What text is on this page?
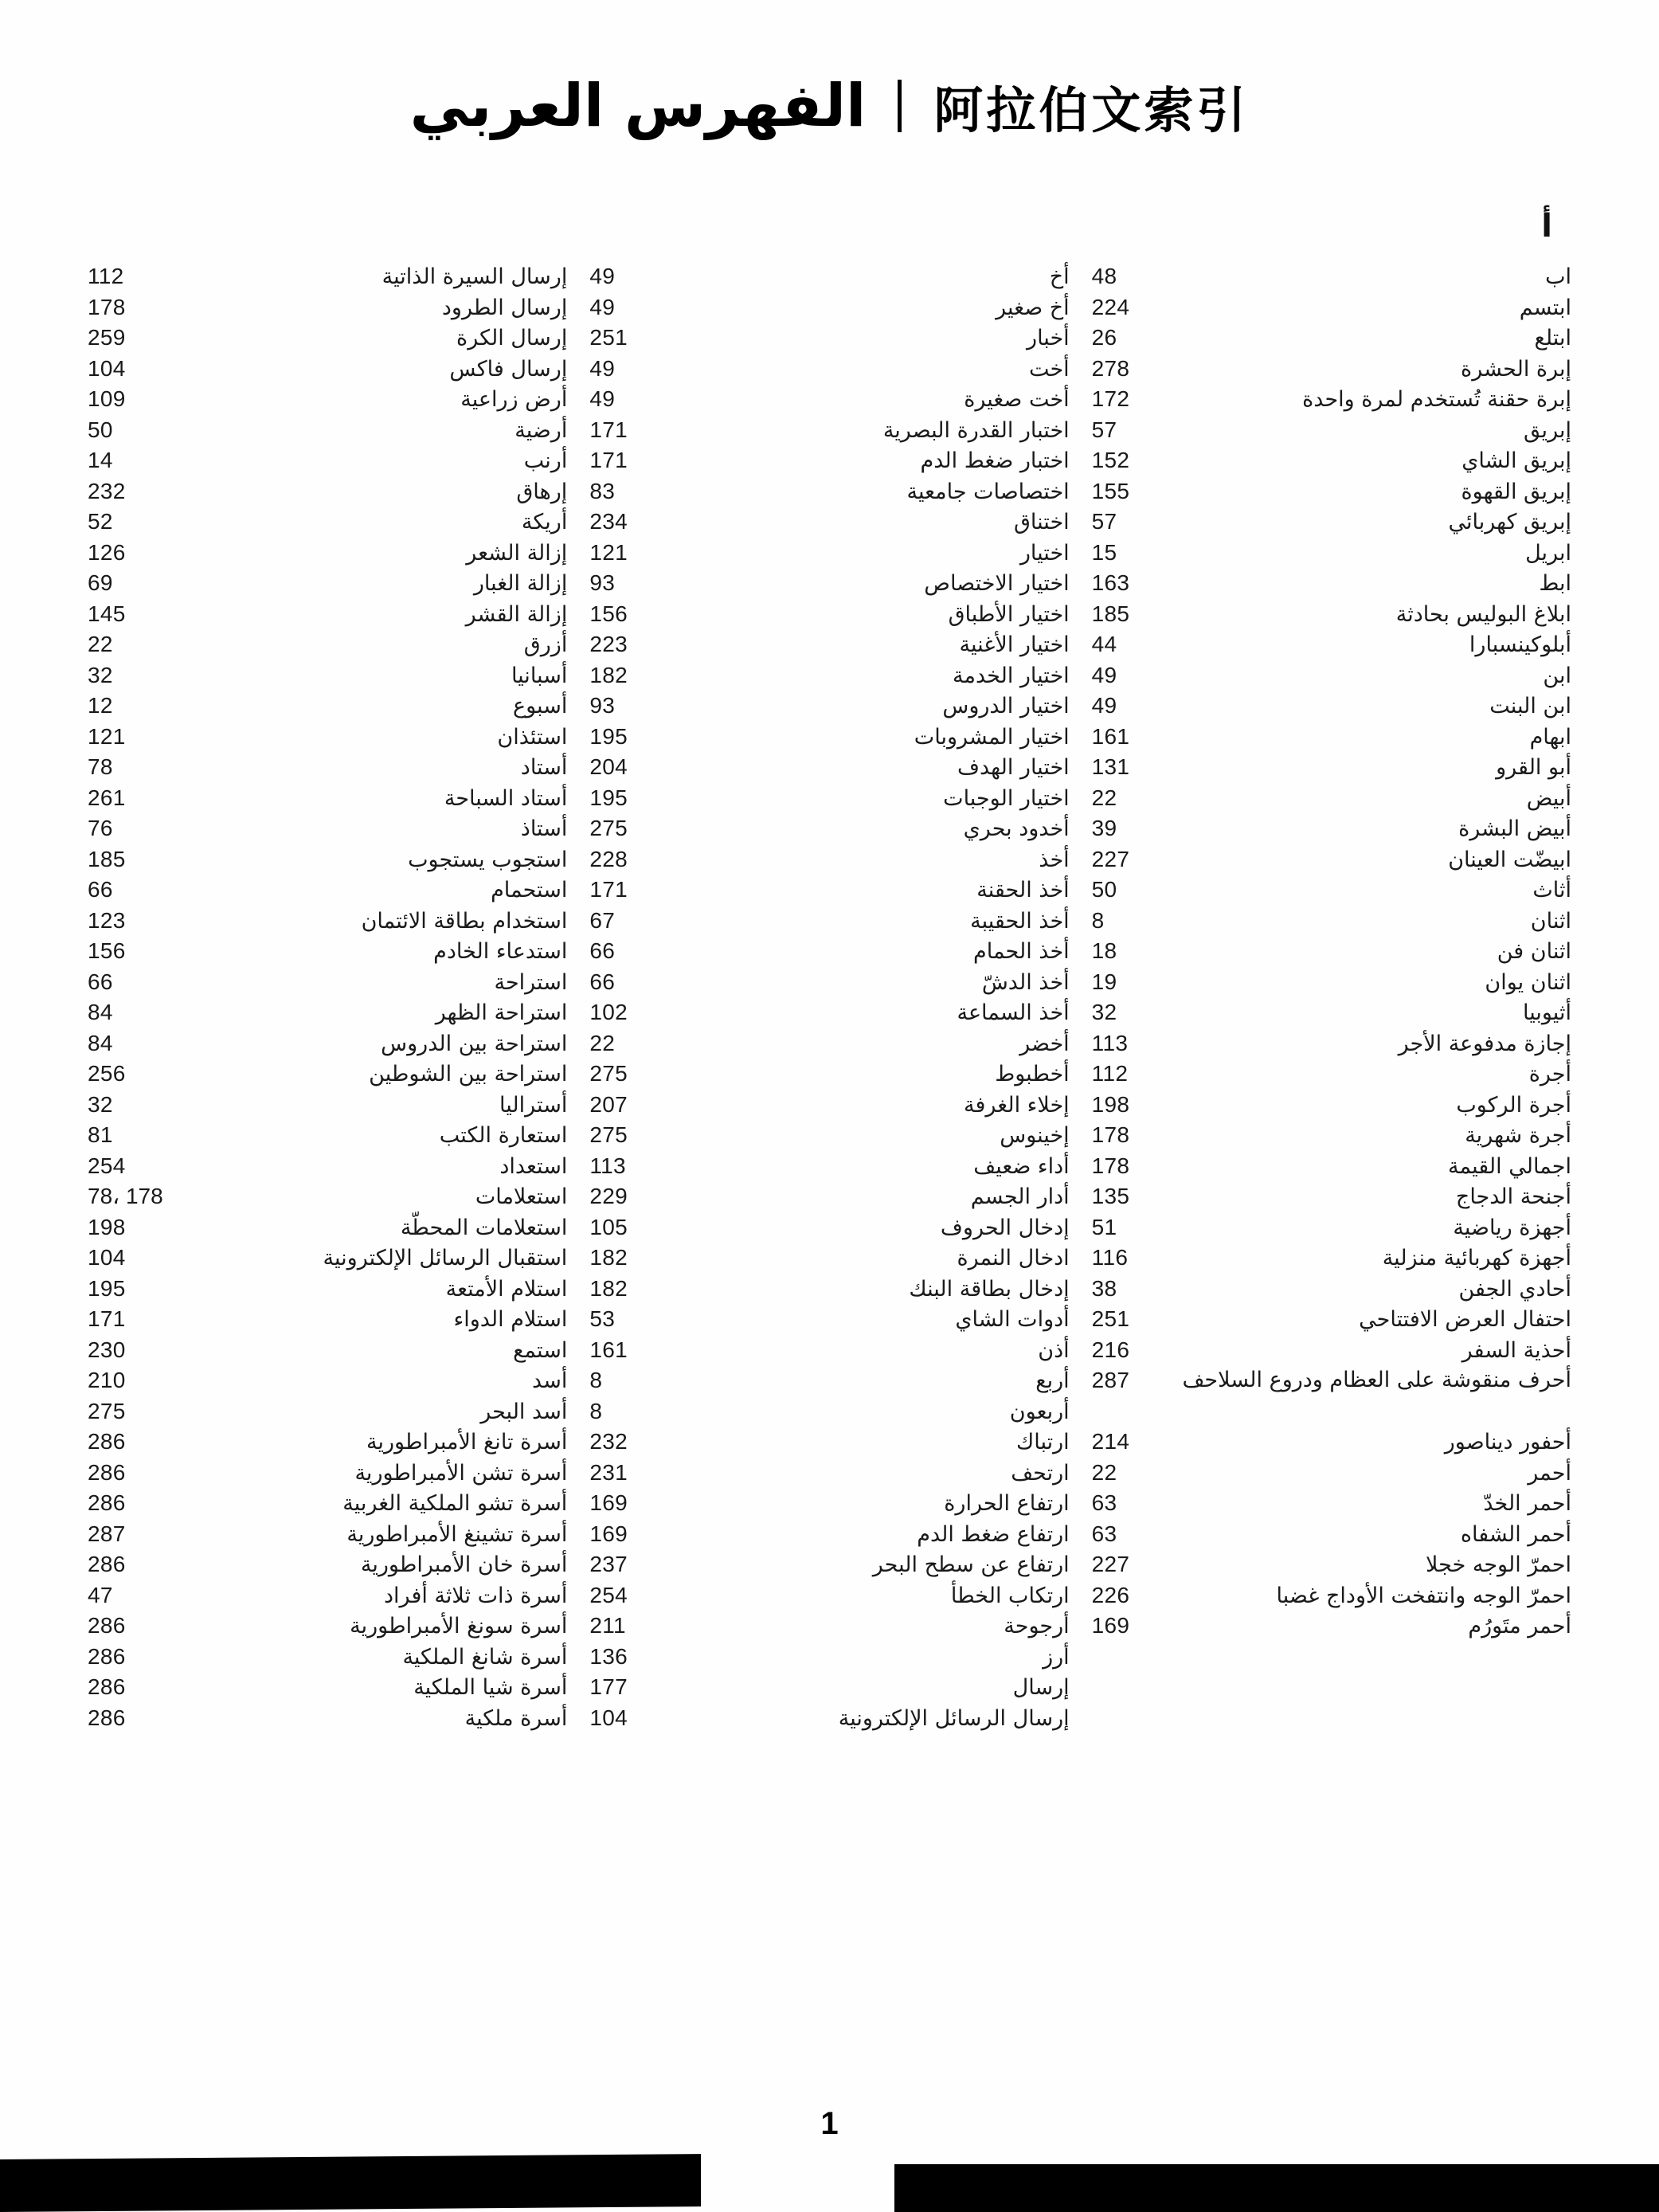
阿拉伯文索引
الفهرس العربي
112	إرسال السيرة الذاتية
178	إرسال الطرود
259	إرسال الكرة
104	إرسال فاكس
109	أرض زراعية
50	أرضية
14	أرنب
232	إرهاق
52	أريكة
126	إزالة الشعر
69	إزالة الغبار
145	إزالة القشر
22	أزرق
32	أسبانيا
12	أسبوع
121	استئذان
78	أستاد
261	أستاد السباحة
76	أستاذ
185	استجوب يستجوب
66	استحمام
123	استخدام بطاقة الائتمان
156	استدعاء الخادم
66	استراحة
84	استراحة الظهر
84	استراحة بين الدروس
256	استراحة بين الشوطين
32	أستراليا
81	استعارة الكتب
254	استعداد
78، 178	استعلامات
198	استعلامات المحطّة
104	استقبال الرسائل الإلكترونية
195	استلام الأمتعة
171	استلام الدواء
230	استمع
210	أسد
275	أسد البحر
286	أسرة تانغ الأمبراطورية
286	أسرة تشن الأمبراطورية
286	أسرة تشو الملكية الغربية
287	أسرة تشينغ الأمبراطورية
286	أسرة خان الأمبراطورية
47	أسرة ذات ثلاثة أفراد
286	أسرة سونغ الأمبراطورية
286	أسرة شانغ الملكية
286	أسرة شيا الملكية
286	أسرة ملكية
49	أخ
49	أخ صغير
251	أخبار
49	أخت
49	أخت صغيرة
171	اختبار القدرة البصرية
171	اختبار ضغط الدم
83	اختصاصات جامعية
234	اختناق
121	اختيار
93	اختيار الاختصاص
156	اختيار الأطباق
223	اختيار الأغنية
182	اختيار الخدمة
93	اختيار الدروس
195	اختيار المشروبات
204	اختيار الهدف
195	اختيار الوجبات
275	أخدود بحري
228	أخذ
171	أخذ الحقنة
67	أخذ الحقيبة
66	أخذ الحمام
66	أخذ الدشّ
102	أخذ السماعة
22	أخضر
275	أخطبوط
207	إخلاء الغرفة
275	إخينوس
113	أداء ضعيف
229	أدار الجسم
105	إدخال الحروف
182	ادخال النمرة
182	إدخال بطاقة البنك
53	أدوات الشاي
161	أذن
8	أربع
8	أربعون
232	ارتباك
231	ارتحف
169	ارتفاع الحرارة
169	ارتفاع ضغط الدم
237	ارتفاع عن سطح البحر
254	ارتكاب الخطأ
211	أرجوحة
136	أرز
177	إرسال
104	إرسال الرسائل الإلكترونية
أ
48	اب
224	ابتسم
26	ابتلع
278	إبرة الحشرة
172	إبرة حقنة تُستخدم لمرة واحدة
57	إبريق
152	إبريق الشاي
155	إبريق القهوة
57	إبريق كهربائي
15	ابريل
163	ابط
185	ابلاغ البوليس بحادثة
44	أبلوكينسبارا
49	ابن
49	ابن البنت
161	ابهام
131	أبو القرو
22	أبيض
39	أبيض البشرة
227	ابيضّت العينان
50	أثاث
8	اثنان
18	اثنان فن
19	اثنان يوان
32	أثيوبيا
113	إجازة مدفوعة الأجر
112	أجرة
198	أجرة الركوب
178	أجرة شهرية
178	اجمالي القيمة
135	أجنحة الدجاج
51	أجهزة رياضية
116	أجهزة كهربائية منزلية
38	أحادي الجفن
251	احتفال العرض الافتتاحي
216	أحذية السفر
287	أحرف منقوشة على العظام ودروع السلاحف
214	أحفور ديناصور
22	أحمر
63	أحمر الخدّ
63	أحمر الشفاه
227	احمرّ الوجه خجلا
226	احمرّ الوجه وانتفخت الأوداج غضبا
169	أحمر متَورُم
1
